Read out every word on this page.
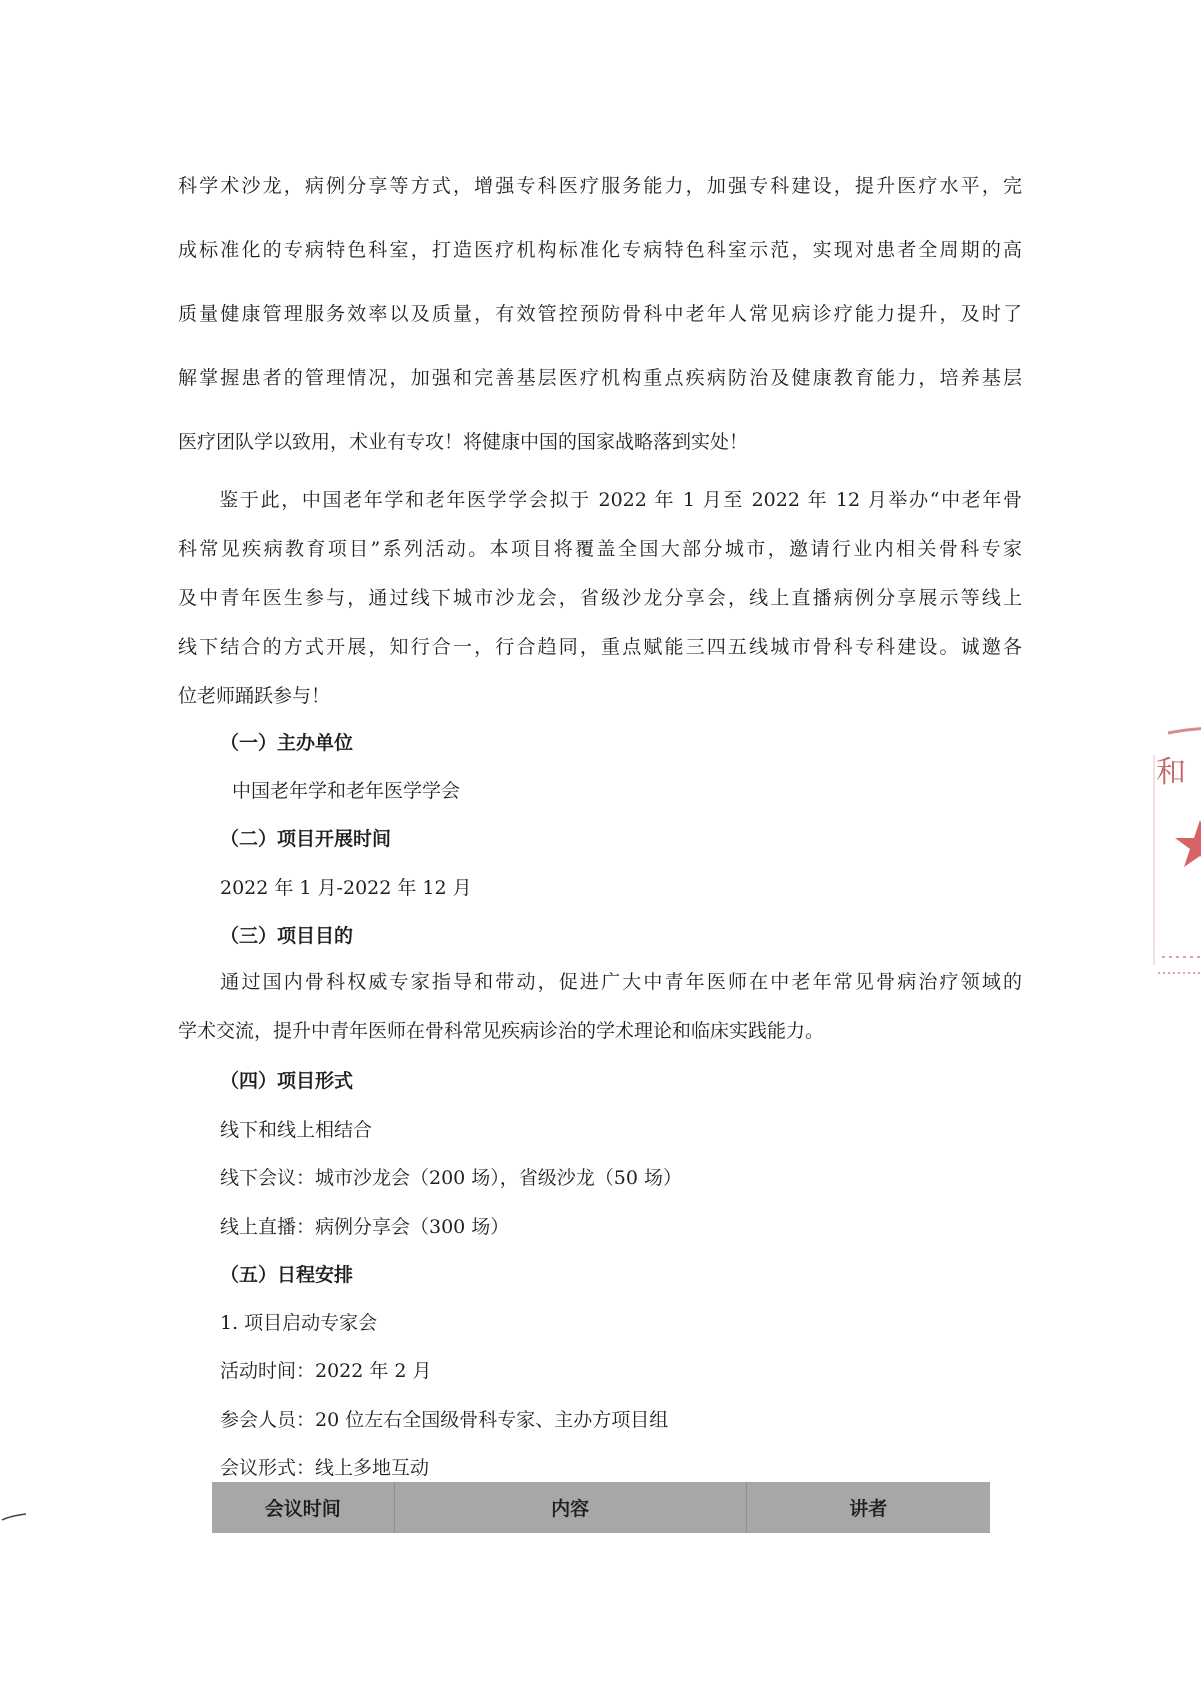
科学术沙龙，病例分享等方式，增强专科医疗服务能力，加强专科建设，提升医疗水平，完
成标准化的专病特色科室，打造医疗机构标准化专病特色科室示范，实现对患者全周期的高
质量健康管理服务效率以及质量，有效管控预防骨科中老年人常见病诊疗能力提升，及时了
解掌握患者的管理情况，加强和完善基层医疗机构重点疾病防治及健康教育能力，培养基层
医疗团队学以致用，术业有专攻！将健康中国的国家战略落到实处！
　　鉴于此，中国老年学和老年医学学会拟于 2022 年 1 月至 2022 年 12 月举办“中老年骨
科常见疾病教育项目”系列活动。本项目将覆盖全国大部分城市，邀请行业内相关骨科专家
及中青年医生参与，通过线下城市沙龙会，省级沙龙分享会，线上直播病例分享展示等线上
线下结合的方式开展，知行合一，行合趋同，重点赋能三四五线城市骨科专科建设。诚邀各
位老师踊跃参与！
（一）主办单位
中国老年学和老年医学学会
（二）项目开展时间
2022 年 1 月-2022 年 12 月
（三）项目目的
　　通过国内骨科权威专家指导和带动，促进广大中青年医师在中老年常见骨病治疗领域的
学术交流，提升中青年医师在骨科常见疾病诊治的学术理论和临床实践能力。
（四）项目形式
线下和线上相结合
线下会议：城市沙龙会（200 场），省级沙龙（50 场）
线上直播：病例分享会（300 场）
（五）日程安排
1. 项目启动专家会
活动时间：2022 年 2 月
参会人员：20 位左右全国级骨科专家、主办方项目组
会议形式：线上多地互动
会议时间	内容	讲者
和
